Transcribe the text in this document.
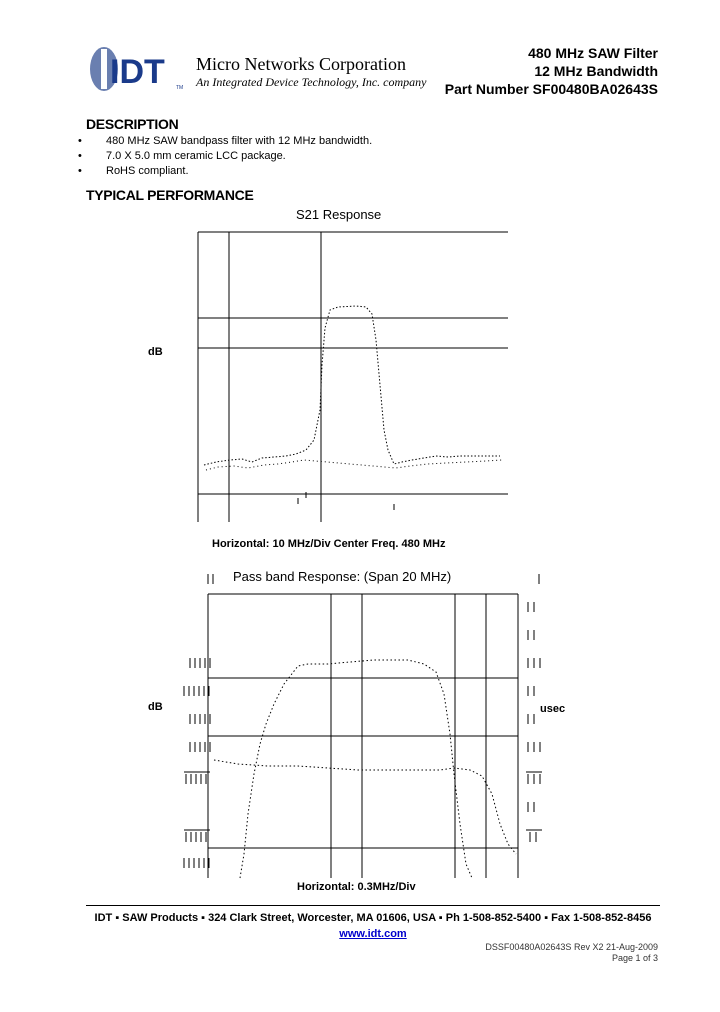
IDT TM
Micro Networks Corporation
An Integrated Device Technology, Inc. company
480 MHz SAW Filter
12 MHz Bandwidth
Part Number SF00480BA02643S
DESCRIPTION
• 480 MHz SAW bandpass filter with 12 MHz bandwidth.
• 7.0 X 5.0 mm ceramic LCC package.
• RoHS compliant.
TYPICAL PERFORMANCE
S21 Response
dB
Horizontal: 10 MHz/Div Center Freq. 480 MHz
Pass band Response: (Span 20 MHz)
dB	usec
Horizontal: 0.3MHz/Div
IDT ▪ SAW Products ▪ 324 Clark Street, Worcester, MA 01606, USA ▪ Ph 1-508-852-5400 ▪ Fax 1-508-852-8456
www.idt.com
DSSF00480A02643S Rev X2 21-Aug-2009
Page 1 of 3
